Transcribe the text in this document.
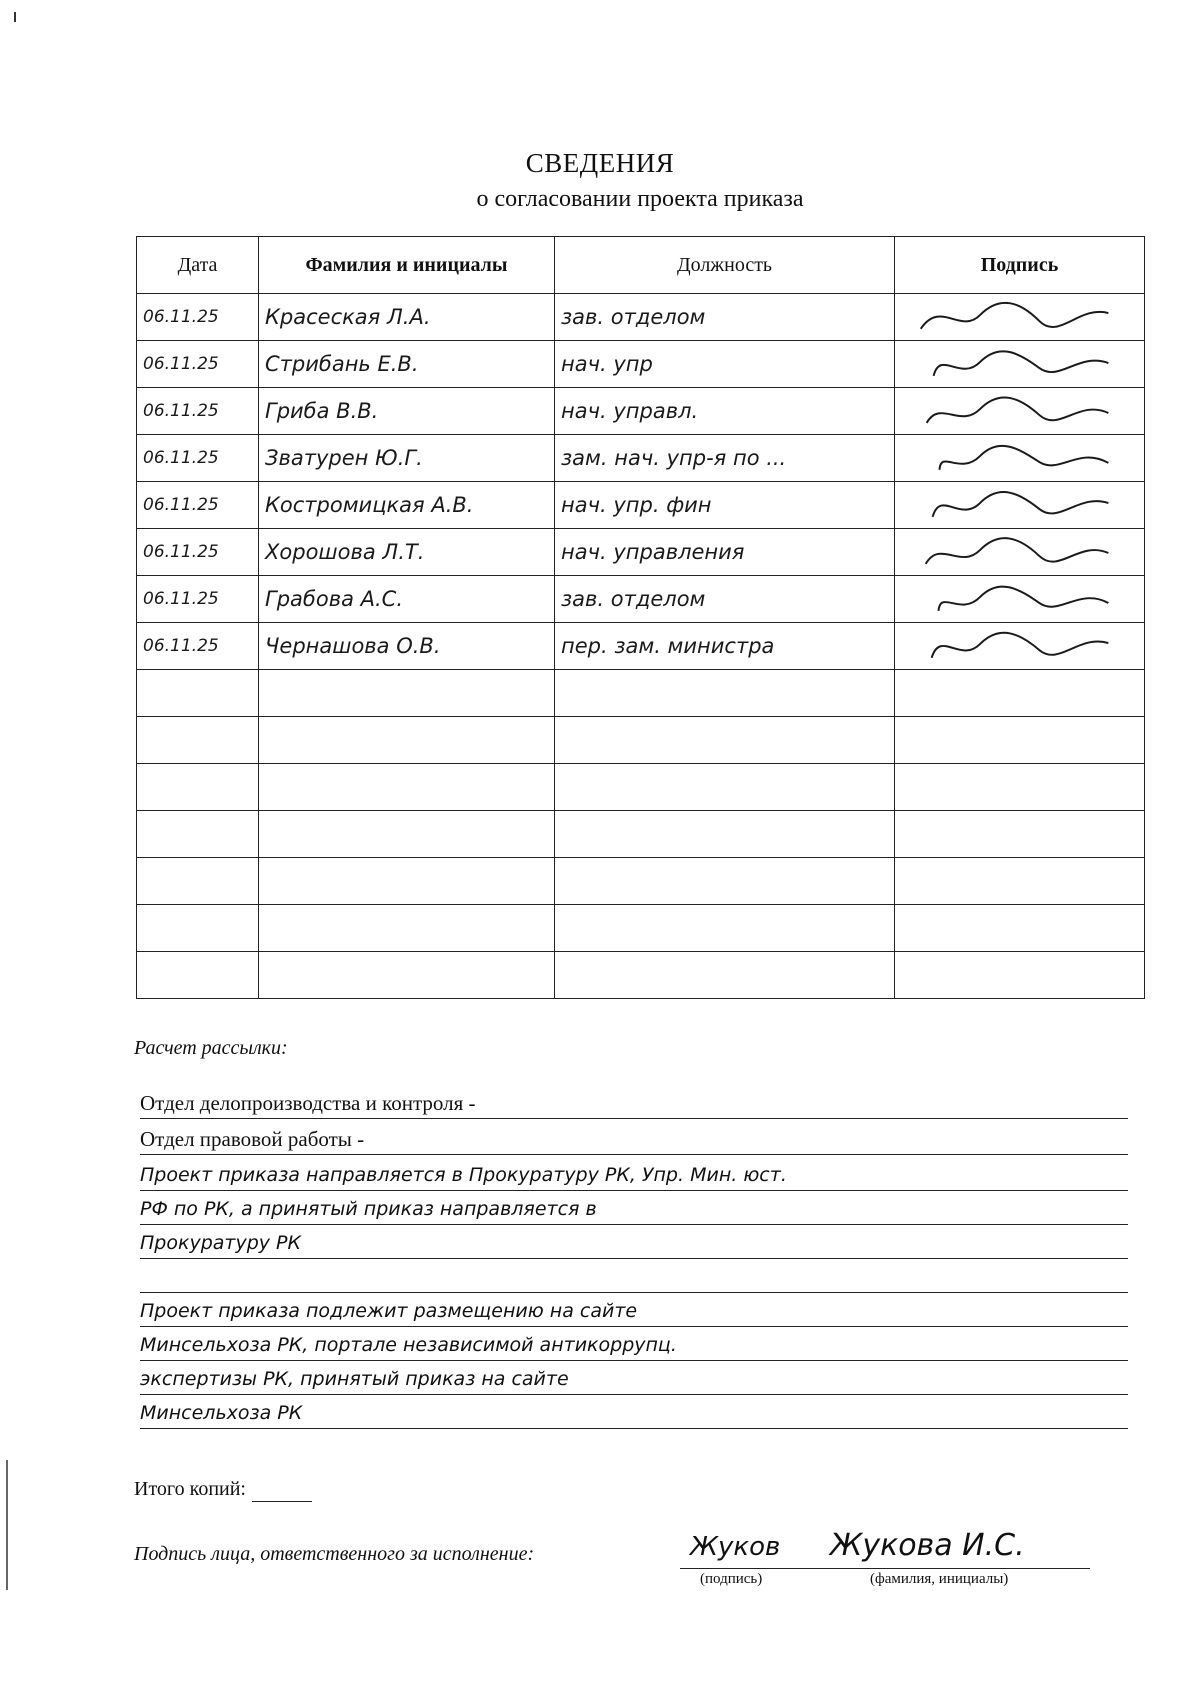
СВЕДЕНИЯ
о согласовании проекта приказа
Дата	Фамилия и инициалы	Должность	Подпись
06.11.25	Красеская Л.А.	зав. отделом	

06.11.25	Стрибань Е.В.	нач. упр	

06.11.25	Гриба В.В.	нач. управл.	

06.11.25	Зватурен Ю.Г.	зам. нач. упр-я по ...	

06.11.25	Костромицкая А.В.	нач. упр. фин	

06.11.25	Хорошова Л.Т.	нач. управления	

06.11.25	Грабова А.С.	зав. отделом	

06.11.25	Чернашова О.В.	пер. зам. министра	

Расчет рассылки:
Отдел делопроизводства и контроля -
Отдел правовой работы -
Проект приказа направляется в Прокуратуру РК, Упр. Мин. юст.
РФ по РК, а принятый приказ направляется в
Прокуратуру РК
Проект приказа подлежит размещению на сайте
Минсельхоза РК, портале независимой антикоррупц.
экспертизы РК, принятый приказ на сайте
Минсельхоза РК
Итого копий:
Подпись лица, ответственного за исполнение:	Жуков Жукова И.С.
(подпись)	(фамилия, инициалы)
